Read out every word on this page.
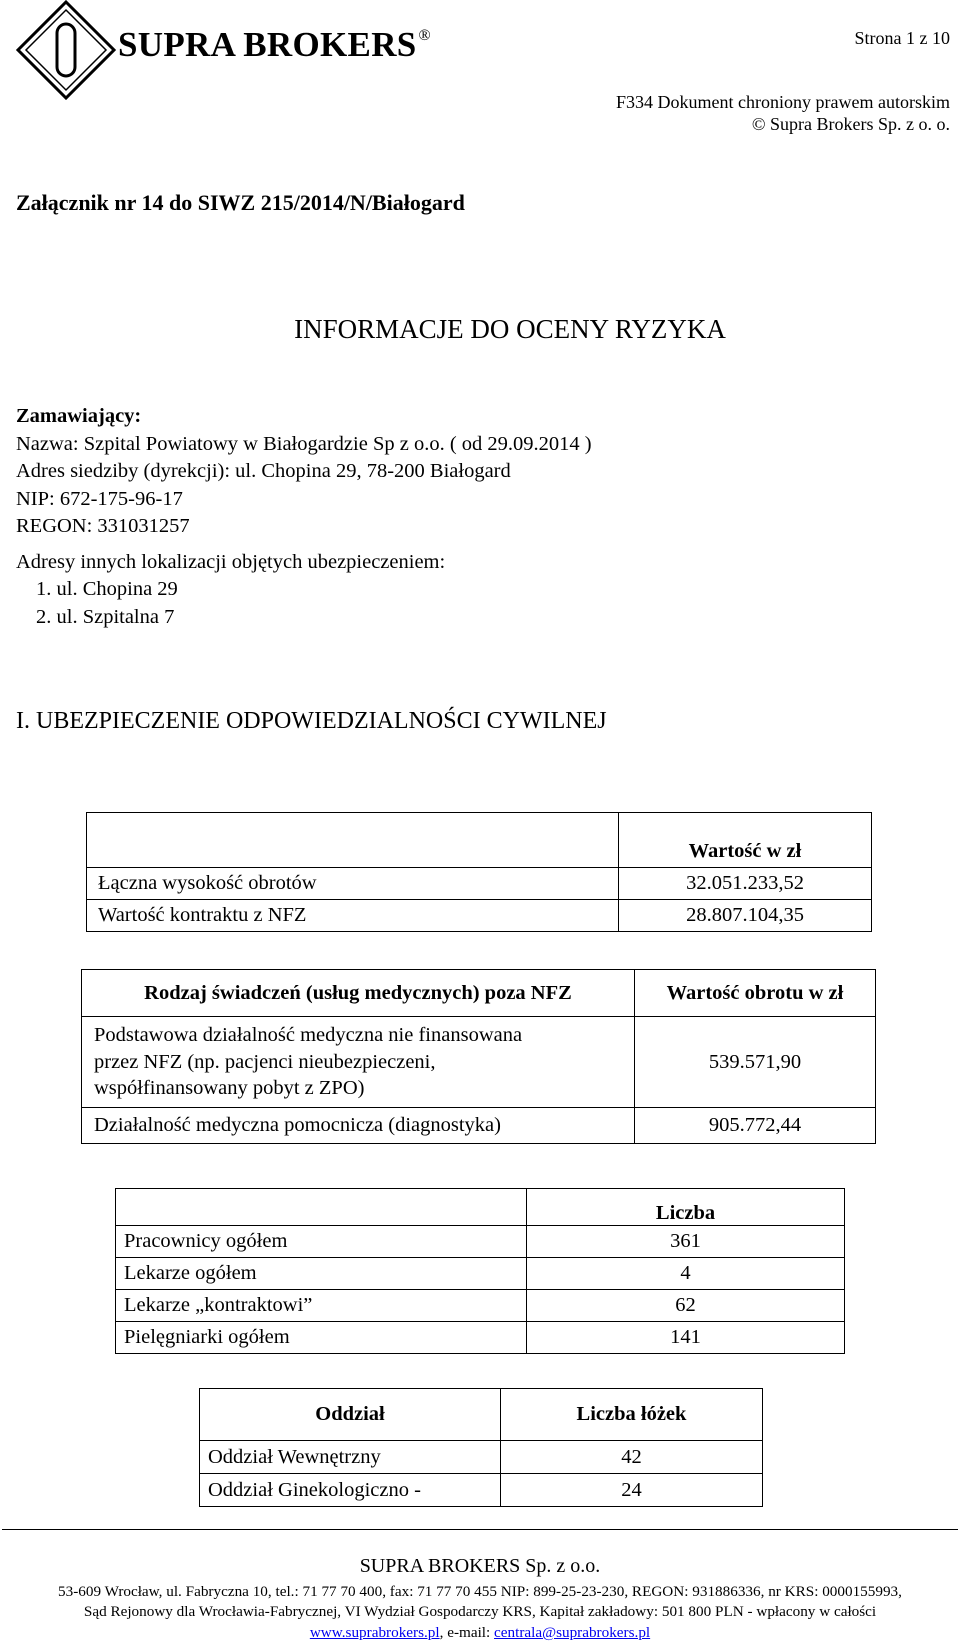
SUPRA BROKERS ®	Strona 1 z 10
F334 Dokument chroniony prawem autorskim
© Supra Brokers Sp. z o. o.
Załącznik nr 14 do SIWZ 215/2014/N/Białogard
INFORMACJE DO OCENY RYZYKA
Zamawiający:
Nazwa: Szpital Powiatowy w Białogardzie Sp z o.o. ( od 29.09.2014 )
Adres siedziby (dyrekcji): ul. Chopina 29, 78-200 Białogard
NIP: 672-175-96-17
REGON: 331031257
Adresy innych lokalizacji objętych ubezpieczeniem:
1. ul. Chopina 29
2. ul. Szpitalna 7
I. UBEZPIECZENIE ODPOWIEDZIALNOŚCI CYWILNEJ
	Wartość w zł
Łączna wysokość obrotów	32.051.233,52
Wartość kontraktu z NFZ	28.807.104,35
Rodzaj świadczeń (usług medycznych) poza NFZ	Wartość obrotu w zł

Podstawowa działalność medyczna nie finansowana
przez NFZ (np. pacjenci nieubezpieczeni,
współfinansowany pobyt z ZPO)	539.571,90
Działalność medyczna pomocnicza (diagnostyka)	905.772,44
	Liczba
Pracownicy ogółem	361
Lekarze ogółem	4
Lekarze „kontraktowi”	62
Pielęgniarki ogółem	141
Oddział	Liczba łóżek
Oddział Wewnętrzny	42
Oddział Ginekologiczno -	24
SUPRA BROKERS Sp. z o.o.
53-609 Wrocław, ul. Fabryczna 10, tel.: 71 77 70 400, fax: 71 77 70 455 NIP: 899-25-23-230, REGON: 931886336, nr KRS: 0000155993,
Sąd Rejonowy dla Wrocławia-Fabrycznej, VI Wydział Gospodarczy KRS, Kapitał zakładowy: 501 800 PLN - wpłacony w całości
www.suprabrokers.pl, e-mail: centrala@suprabrokers.pl
